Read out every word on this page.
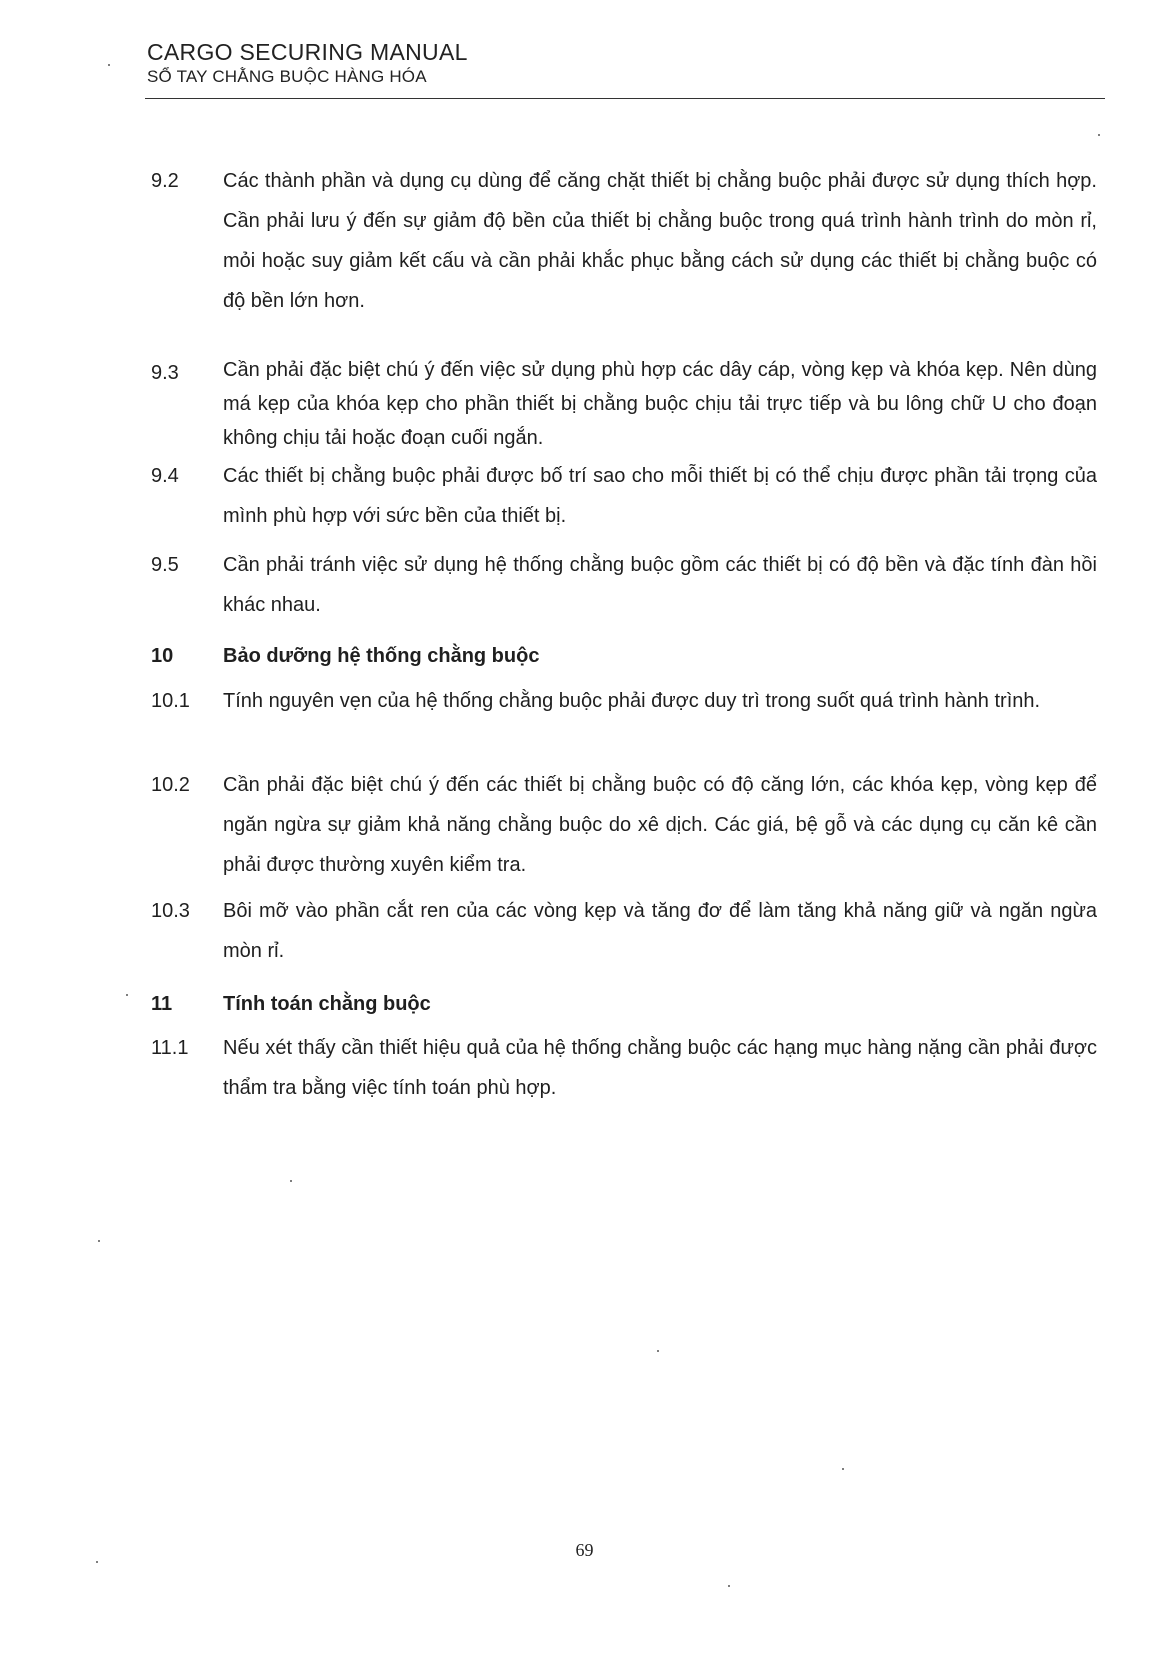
CARGO SECURING MANUAL
SỔ TAY CHẰNG BUỘC HÀNG HÓA
9.2	Các thành phần và dụng cụ dùng để căng chặt thiết bị chằng buộc phải được sử dụng thích hợp. Cần phải lưu ý đến sự giảm độ bền của thiết bị chằng buộc trong quá trình hành trình do mòn rỉ, mỏi hoặc suy giảm kết cấu và cần phải khắc phục bằng cách sử dụng các thiết bị chằng buộc có độ bền lớn hơn.
9.3	Cần phải đặc biệt chú ý đến việc sử dụng phù hợp các dây cáp, vòng kẹp và khóa kẹp. Nên dùng má kẹp của khóa kẹp cho phần thiết bị chằng buộc chịu tải trực tiếp và bu lông chữ U cho đoạn không chịu tải hoặc đoạn cuối ngắn.
9.4	Các thiết bị chằng buộc phải được bố trí sao cho mỗi thiết bị có thể chịu được phần tải trọng của mình phù hợp với sức bền của thiết bị.
9.5	Cần phải tránh việc sử dụng hệ thống chằng buộc gồm các thiết bị có độ bền và đặc tính đàn hồi khác nhau.
10	Bảo dưỡng hệ thống chằng buộc
10.1	Tính nguyên vẹn của hệ thống chằng buộc phải được duy trì trong suốt quá trình hành trình.
10.2	Cần phải đặc biệt chú ý đến các thiết bị chằng buộc có độ căng lớn, các khóa kẹp, vòng kẹp để ngăn ngừa sự giảm khả năng chằng buộc do xê dịch. Các giá, bệ gỗ và các dụng cụ căn kê cần phải được thường xuyên kiểm tra.
10.3	Bôi mỡ vào phần cắt ren của các vòng kẹp và tăng đơ để làm tăng khả năng giữ và ngăn ngừa mòn rỉ.
11	Tính toán chằng buộc
11.1	Nếu xét thấy cần thiết hiệu quả của hệ thống chằng buộc các hạng mục hàng nặng cần phải được thẩm tra bằng việc tính toán phù hợp.
69
